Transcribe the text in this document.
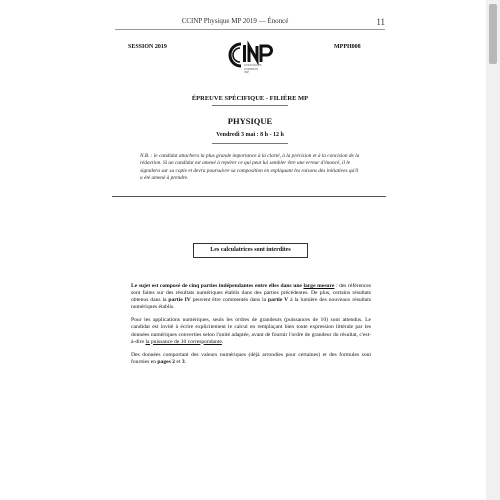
CCINP Physique MP 2019 — Énoncé	11
SESSION 2019	MPPH008
CONCOURS
COMMUN
INP
ÉPREUVE SPÉCIFIQUE - FILIÈRE MP
PHYSIQUE
Vendredi 3 mai : 8 h - 12 h
N.B. : le candidat attachera la plus grande importance à la clarté, à la précision et à la concision de la rédaction. Si un candidat est amené à repérer ce qui peut lui sembler être une erreur d'énoncé, il le signalera sur sa copie et devra poursuivre sa composition en expliquant les raisons des initiatives qu'il a été amené à prendre.
Les calculatrices sont interdites

Le sujet est composé de cinq parties indépendantes entre elles dans une large mesure : des références sont faites sur des résultats numériques établis dans des parties précédentes. De plus, certains résultats obtenus dans la partie IV peuvent être commentés dans la partie V à la lumière des nouveaux résultats numériques établis.

Pour les applications numériques, seuls les ordres de grandeurs (puissances de 10) sont attendus. Le candidat est invité à écrire explicitement le calcul en remplaçant bien toute expression littérale par les données numériques converties selon l'unité adaptée, avant de fournir l'ordre de grandeur du résultat, c'est-à-dire la puissance de 10 correspondante.

Des données comportant des valeurs numériques (déjà arrondies pour certaines) et des formules sont fournies en pages 2 et 3.
